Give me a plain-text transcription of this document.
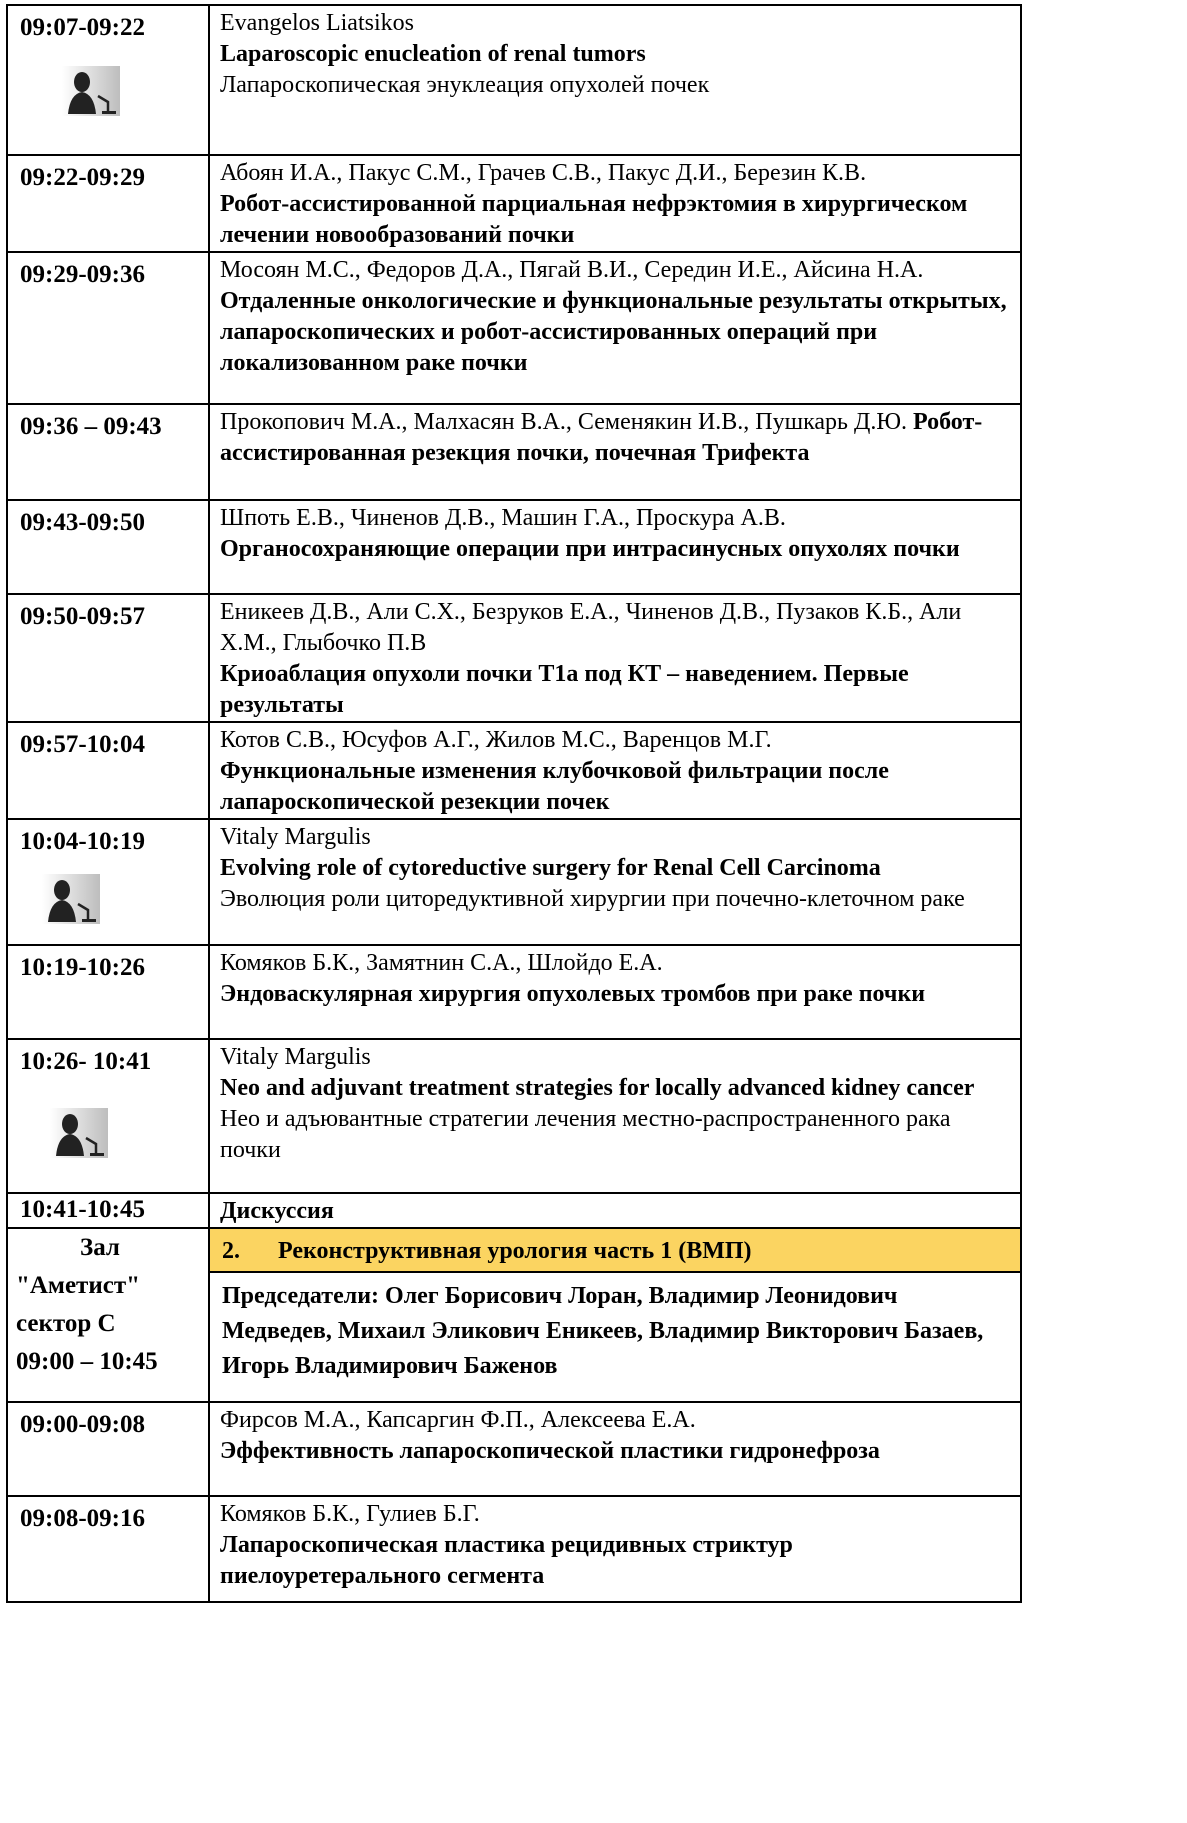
09:07-09:22	Evangelos Liatsikos
Laparoscopic enucleation of renal tumors
Лапароскопическая энуклеация опухолей почек

09:22-09:29	Абоян И.А., Пакус С.М., Грачев С.В., Пакус Д.И., Березин К.В.
Робот-ассистированной парциальная нефрэктомия в хирургическом лечении новообразований почки

09:29-09:36	Мосоян М.С., Федоров Д.А., Пягай В.И., Середин И.Е., Айсина Н.А. Отдаленные онкологические и функциональные результаты открытых, лапароскопических и робот-ассистированных операций при локализованном раке почки

09:36 – 09:43	Прокопович М.А., Малхасян В.А., Семенякин И.В., Пушкарь Д.Ю. Робот-ассистированная резекция почки, почечная Трифекта

09:43-09:50	Шпоть Е.В., Чиненов Д.В., Машин Г.А., Проскура А.В.
Органосохраняющие операции при интрасинусных опухолях почки

09:50-09:57	Еникеев Д.В., Али С.Х., Безруков Е.А., Чиненов Д.В., Пузаков К.Б., Али Х.М., Глыбочко П.В
Криоаблация опухоли почки Т1а под КТ – наведением. Первые результаты

09:57-10:04	Котов С.В., Юсуфов А.Г., Жилов М.С., Варенцов М.Г.
Функциональные изменения клубочковой фильтрации после лапароскопической резекции почек

10:04-10:19	Vitaly Margulis
Evolving role of cytoreductive surgery for Renal Cell Carcinoma
Эволюция роли циторедуктивной хирургии при почечно-клеточном раке

10:19-10:26	Комяков Б.К., Замятнин С.А., Шлойдо Е.А.
Эндоваскулярная хирургия опухолевых тромбов при раке почки

10:26- 10:41	Vitaly Margulis
Neo and adjuvant treatment strategies for locally advanced kidney cancer
Нео и адъювантные стратегии лечения местно-распространенного рака почки

10:41-10:45	Дискуссия

Зал
"Аметист"
сектор С
09:00 – 10:45	2. Реконструктивная урология часть 1 (ВМП)
	Председатели: Олег Борисович Лоран, Владимир Леонидович Медведев, Михаил Эликович Еникеев, Владимир Викторович Базаев, Игорь Владимирович Баженов

09:00-09:08	Фирсов М.А., Капсаргин Ф.П., Алексеева Е.А.
Эффективность лапароскопической пластики гидронефроза

09:08-09:16	Комяков Б.К., Гулиев Б.Г.
Лапароскопическая пластика рецидивных стриктур пиелоуретерального сегмента
